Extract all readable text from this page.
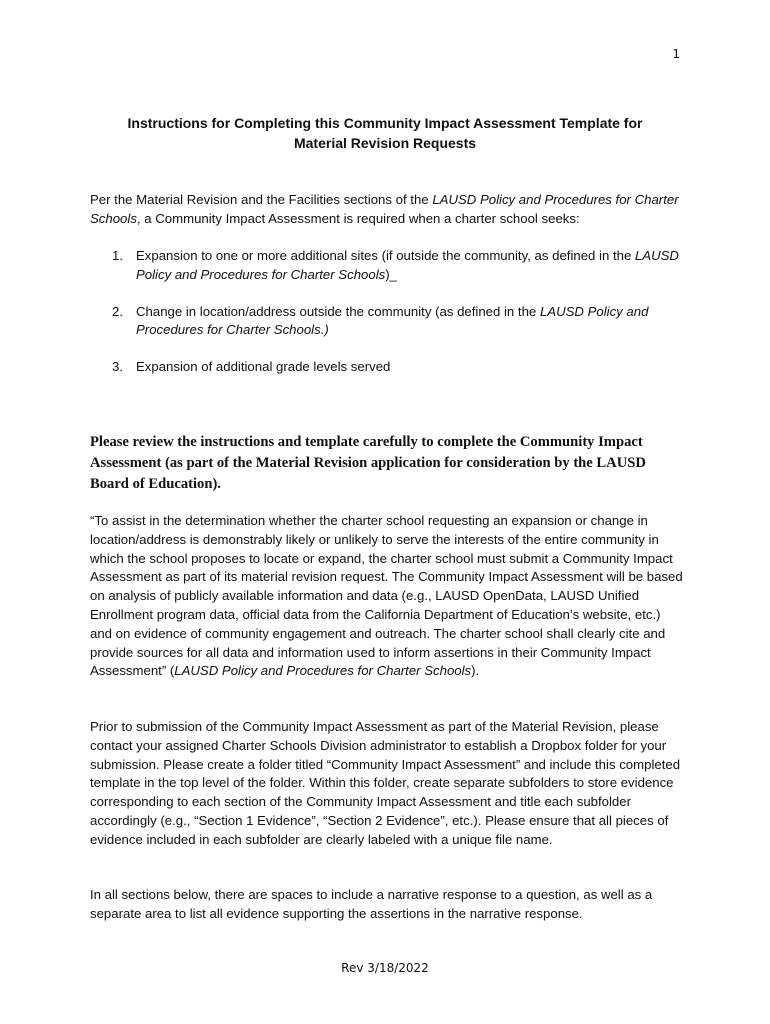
1
Instructions for Completing this Community Impact Assessment Template for
Material Revision Requests
Per the Material Revision and the Facilities sections of the LAUSD Policy and Procedures for Charter Schools, a Community Impact Assessment is required when a charter school seeks:
1. Expansion to one or more additional sites (if outside the community, as defined in the LAUSD Policy and Procedures for Charter Schools)_
2. Change in location/address outside the community (as defined in the LAUSD Policy and Procedures for Charter Schools.)
3. Expansion of additional grade levels served
Please review the instructions and template carefully to complete the Community Impact Assessment (as part of the Material Revision application for consideration by the LAUSD Board of Education).
“To assist in the determination whether the charter school requesting an expansion or change in location/address is demonstrably likely or unlikely to serve the interests of the entire community in which the school proposes to locate or expand, the charter school must submit a Community Impact Assessment as part of its material revision request. The Community Impact Assessment will be based on analysis of publicly available information and data (e.g., LAUSD OpenData, LAUSD Unified Enrollment program data, official data from the California Department of Education’s website, etc.) and on evidence of community engagement and outreach. The charter school shall clearly cite and provide sources for all data and information used to inform assertions in their Community Impact Assessment” (LAUSD Policy and Procedures for Charter Schools).
Prior to submission of the Community Impact Assessment as part of the Material Revision, please contact your assigned Charter Schools Division administrator to establish a Dropbox folder for your submission. Please create a folder titled “Community Impact Assessment” and include this completed template in the top level of the folder. Within this folder, create separate subfolders to store evidence corresponding to each section of the Community Impact Assessment and title each subfolder accordingly (e.g., “Section 1 Evidence”, “Section 2 Evidence”, etc.). Please ensure that all pieces of evidence included in each subfolder are clearly labeled with a unique file name.
In all sections below, there are spaces to include a narrative response to a question, as well as a separate area to list all evidence supporting the assertions in the narrative response.
Rev 3/18/2022
